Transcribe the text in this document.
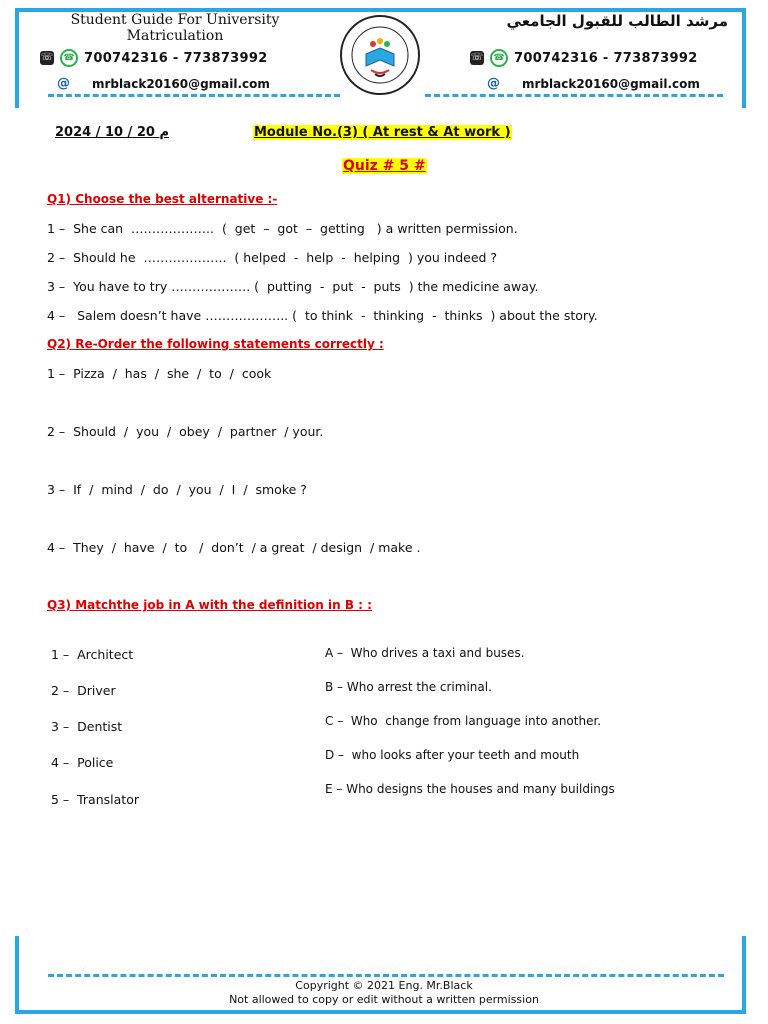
Student Guide For University
Matriculation
مرشد الطالب للقبول الجامعي
☏	☎ 700742316 - 773873992	☏	☎ 700742316 - 773873992
@ mrblack20160@gmail.com	@ mrblack20160@gmail.com
2024 / 10 / 20 م	Module No.(3) ( At rest & At work )
Quiz # 5 #
Q1) Choose the best alternative :-
1 –  She can  ………………..  (  get  –  got  –  getting   ) a written permission.
2 –  Should he  ………………..  ( helped  -  help  -  helping  ) you indeed ?
3 –  You have to try ………………. (  putting  -  put  -  puts  ) the medicine away.
4 –   Salem doesn’t have ……………….. (  to think  -  thinking  -  thinks  ) about the story.
Q2) Re-Order the following statements correctly :
1 –  Pizza  /  has  /  she  /  to  /  cook
2 –  Should  /  you  /  obey  /  partner  / your.
3 –  If  /  mind  /  do  /  you  /  I  /  smoke ?
4 –  They  /  have  /  to   /  don’t  / a great  / design  / make .
Q3) Matchthe job in A with the definition in B : :
1 –  Architect
2 –  Driver
3 –  Dentist
4 –  Police
5 –  Translator
A –  Who drives a taxi and buses.
B – Who arrest the criminal.
C –  Who  change from language into another.
D –  who looks after your teeth and mouth
E – Who designs the houses and many buildings
Copyright © 2021 Eng. Mr.Black
Not allowed to copy or edit without a written permission
